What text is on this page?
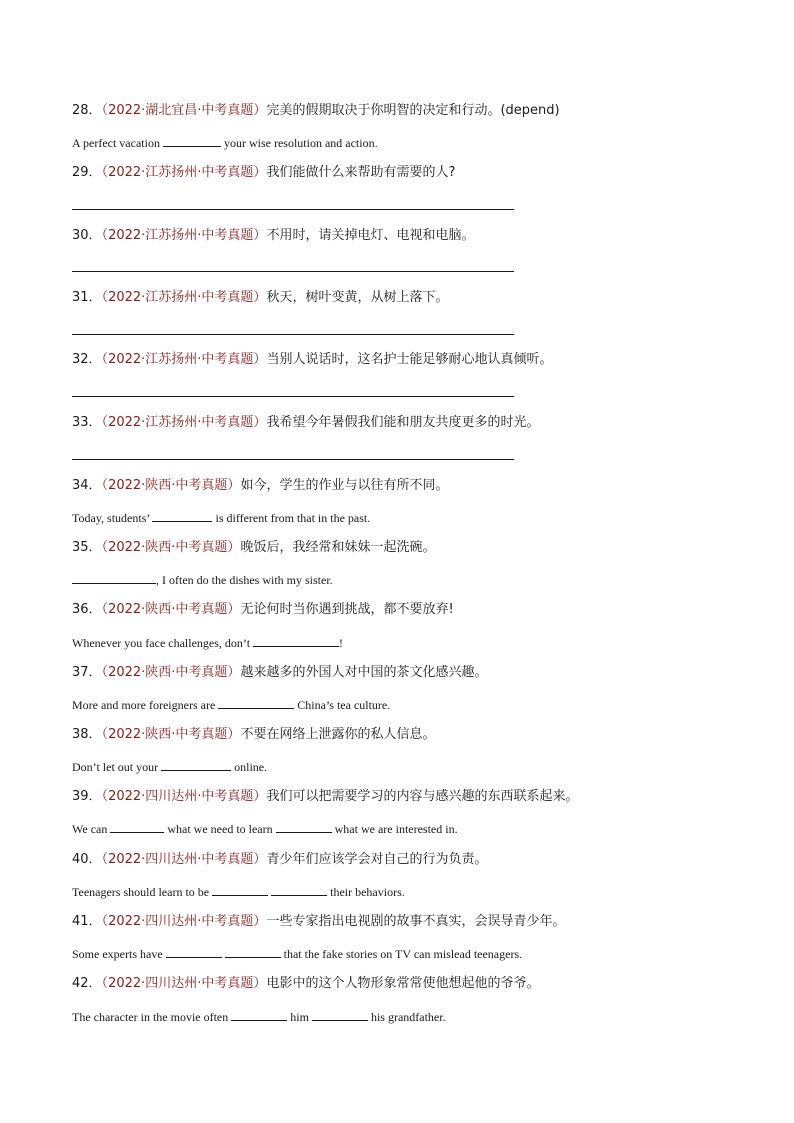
28．（2022·湖北宜昌·中考真题）完美的假期取决于你明智的决定和行动。(depend)
A perfect vacation	your wise resolution and action.
29．（2022·江苏扬州·中考真题）我们能做什么来帮助有需要的人?
30．（2022·江苏扬州·中考真题）不用时，请关掉电灯、电视和电脑。
31．（2022·江苏扬州·中考真题）秋天，树叶变黄，从树上落下。
32．（2022·江苏扬州·中考真题）当别人说话时，这名护士能足够耐心地认真倾听。
33．（2022·江苏扬州·中考真题）我希望今年暑假我们能和朋友共度更多的时光。
34．（2022·陕西·中考真题）如今，学生的作业与以往有所不同。
Today, students’	is different from that in the past.
35．（2022·陕西·中考真题）晚饭后，我经常和妹妹一起洗碗。
, I often do the dishes with my sister.
36．（2022·陕西·中考真题）无论何时当你遇到挑战，都不要放弃!
Whenever you face challenges, don’t	!
37．（2022·陕西·中考真题）越来越多的外国人对中国的茶文化感兴趣。
More and more foreigners are	China’s tea culture.
38．（2022·陕西·中考真题）不要在网络上泄露你的私人信息。
Don’t let out your	online.
39．（2022·四川达州·中考真题）我们可以把需要学习的内容与感兴趣的东西联系起来。
We can	what we need to learn	what we are interested in.
40．（2022·四川达州·中考真题）青少年们应该学会对自己的行为负责。
Teenagers should learn to be	their behaviors.
41．（2022·四川达州·中考真题）一些专家指出电视剧的故事不真实，会误导青少年。
Some experts have	that the fake stories on TV can mislead teenagers.
42．（2022·四川达州·中考真题）电影中的这个人物形象常常使他想起他的爷爷。
The character in the movie often	him	his grandfather.
